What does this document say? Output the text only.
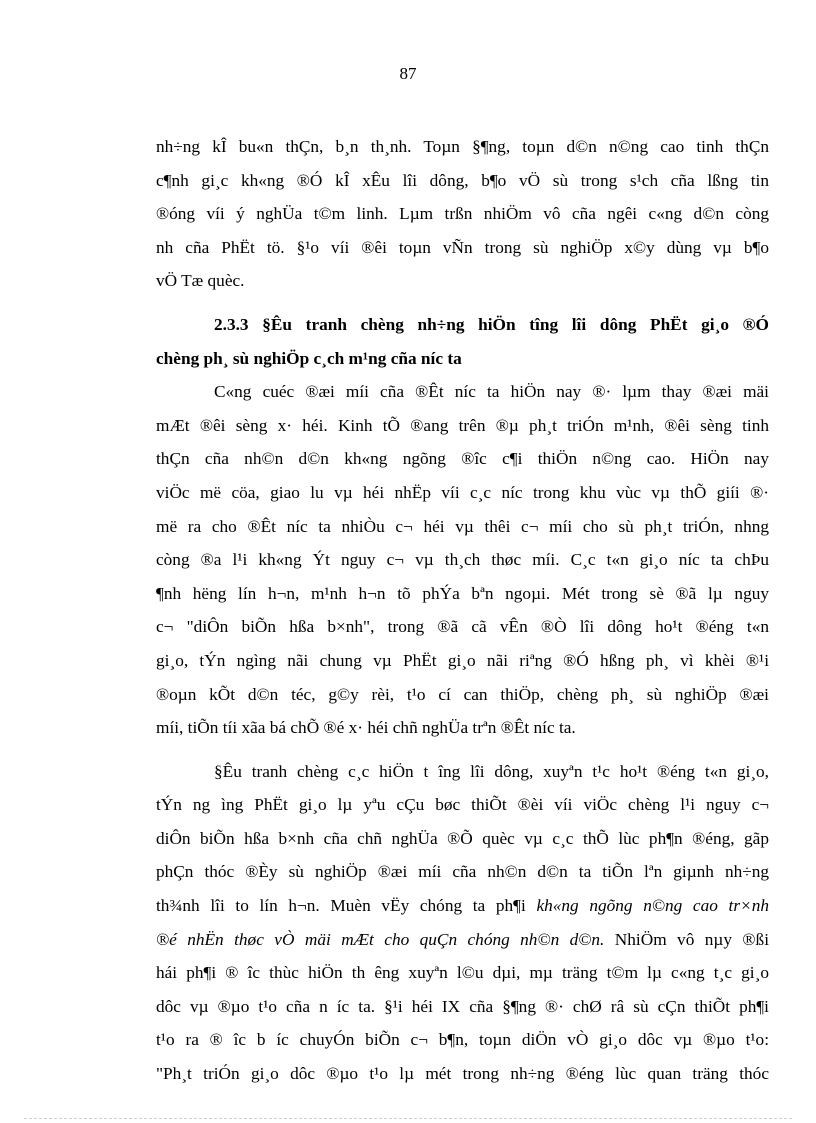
87
nh÷ng kÎ bu«n thÇn, b¸n th¸nh. Toµn §¶ng, toµn d©n n©ng cao tinh thÇn
c¶nh gi¸c kh«ng ®Ó kÎ xÊu lîi dông, b¶o vÖ sù trong s¹ch cña lßng tin
®óng víi ý nghÜa t©m linh. Lµm trßn nhiÖm vô cña ngêi c«ng d©n còng
nh cña PhËt tö. §¹o víi ®êi toµn vÑn trong sù nghiÖp x©y dùng vµ b¶o
vÖ Tæ quèc.
2.3.3 §Êu tranh chèng nh÷ng hiÖn tîng lîi dông PhËt gi¸o ®Ó
chèng ph¸ sù nghiÖp c¸ch m¹ng cña níc ta
C«ng cuéc ®æi míi cña ®Êt níc ta hiÖn nay ®· lµm thay ®æi mäi
mÆt ®êi sèng x· héi. Kinh tÕ ®ang trên ®µ ph¸t triÓn m¹nh, ®êi sèng tinh
thÇn cña nh©n d©n kh«ng ngõng ®îc c¶i thiÖn n©ng cao. HiÖn nay
viÖc më cöa, giao lu vµ héi nhËp víi c¸c níc trong khu vùc vµ thÕ giíi ®·
më ra cho ®Êt níc ta nhiÒu c¬ héi vµ thêi c¬ míi cho sù ph¸t triÓn, nhng
còng ®a l¹i kh«ng Ýt nguy c¬ vµ th¸ch thøc míi. C¸c t«n gi¸o níc ta chÞu
¶nh hëng lín h¬n, m¹nh h¬n tõ phÝa bªn ngoµi. Mét trong sè ®ã lµ nguy
c¬ "diÔn biÕn hßa b×nh", trong ®ã cã vÊn ®Ò lîi dông ho¹t ®éng t«n
gi¸o, tÝn ngìng nãi chung vµ PhËt gi¸o nãi riªng ®Ó hßng ph¸ vì khèi ®¹i
®oµn kÕt d©n téc, g©y rèi, t¹o cí can thiÖp, chèng ph¸ sù nghiÖp ®æi
míi, tiÕn tíi xãa bá chÕ ®é x· héi chñ nghÜa trªn ®Êt níc ta.
§Êu tranh chèng c¸c hiÖn t îng lîi dông, xuyªn t¹c ho¹t ®éng t«n gi¸o,
tÝn ng ìng PhËt gi¸o lµ yªu cÇu bøc thiÕt ®èi víi viÖc chèng l¹i nguy c¬
diÔn biÕn hßa b×nh cña chñ nghÜa ®Õ quèc vµ c¸c thÕ lùc ph¶n ®éng, gãp
phÇn thóc ®Èy sù nghiÖp ®æi míi cña nh©n d©n ta tiÕn lªn giµnh nh÷ng
th¾nh lîi to lín h¬n. Muèn vËy chóng ta ph¶i kh«ng ngõng n©ng cao tr×nh
®é nhËn thøc vÒ mäi mÆt cho quÇn chóng nh©n d©n. NhiÖm vô nµy ®ßi
hái ph¶i ® îc thùc hiÖn th êng xuyªn l©u dµi, mµ träng t©m lµ c«ng t¸c gi¸o
dôc vµ ®µo t¹o cña n íc ta. §¹i héi IX cña §¶ng ®· chØ râ sù cÇn thiÕt ph¶i
t¹o ra ® îc b íc chuyÓn biÕn c¬ b¶n, toµn diÖn vÒ gi¸o dôc vµ ®µo t¹o:
"Ph¸t triÓn gi¸o dôc ®µo t¹o lµ mét trong nh÷ng ®éng lùc quan träng thóc
